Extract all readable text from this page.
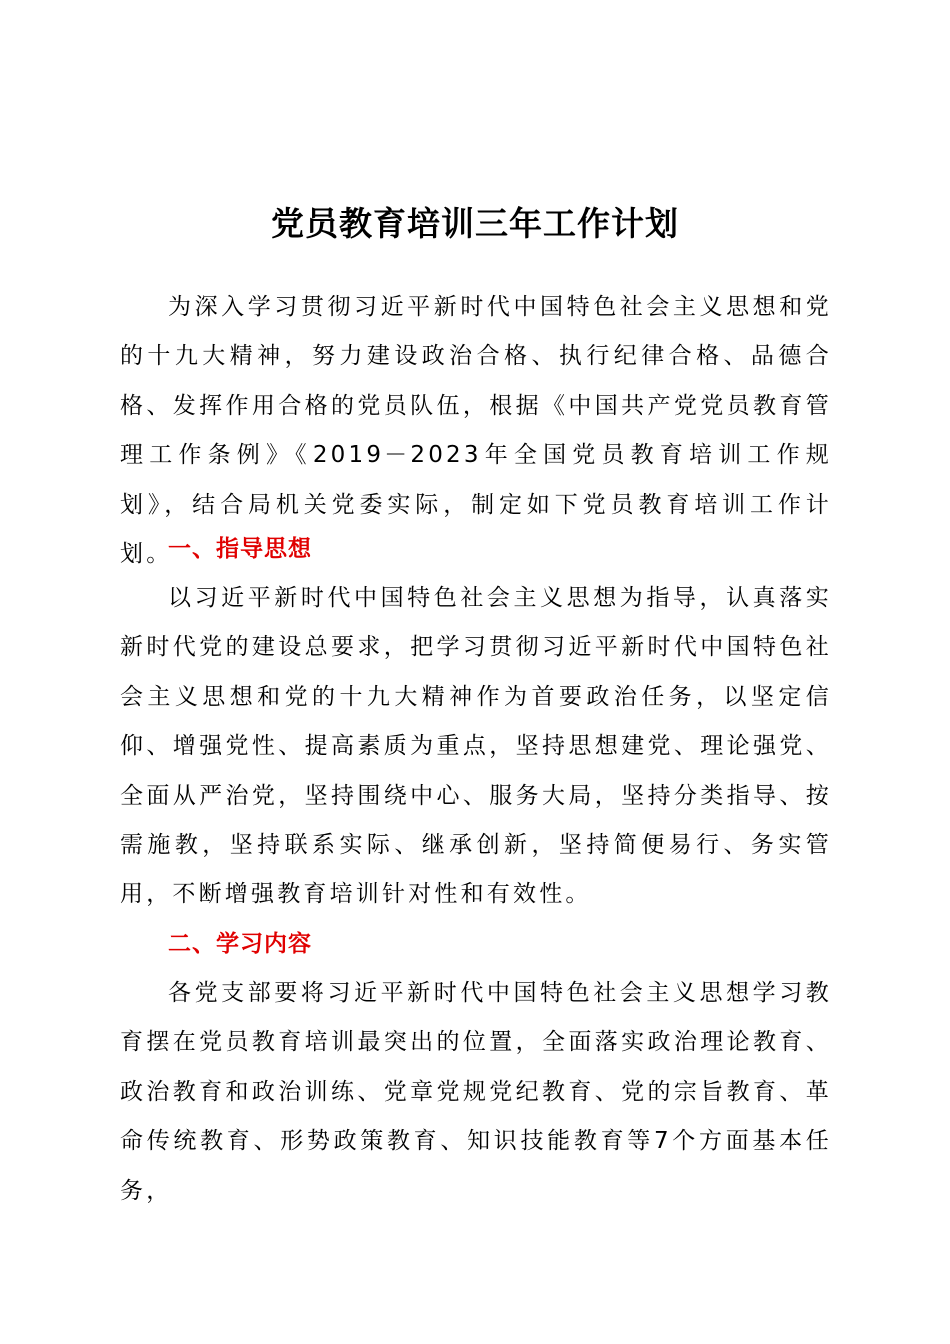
党员教育培训三年工作计划

为深入学习贯彻习近平新时代中国特色社会主义思想和党的十九大精神，努力建设政治合格、执行纪律合格、品德合格、发挥作用合格的党员队伍，根据《中国共产党党员教育管理工作条例》《2019－2023年全国党员教育培训工作规划》，结合局机关党委实际，制定如下党员教育培训工作计划。

一、指导思想

以习近平新时代中国特色社会主义思想为指导，认真落实新时代党的建设总要求，把学习贯彻习近平新时代中国特色社会主义思想和党的十九大精神作为首要政治任务，以坚定信仰、增强党性、提高素质为重点，坚持思想建党、理论强党、全面从严治党，坚持围绕中心、服务大局，坚持分类指导、按需施教，坚持联系实际、继承创新，坚持简便易行、务实管用，不断增强教育培训针对性和有效性。

二、学习内容

各党支部要将习近平新时代中国特色社会主义思想学习教育摆在党员教育培训最突出的位置，全面落实政治理论教育、政治教育和政治训练、党章党规党纪教育、党的宗旨教育、革命传统教育、形势政策教育、知识技能教育等7个方面基本任务，
